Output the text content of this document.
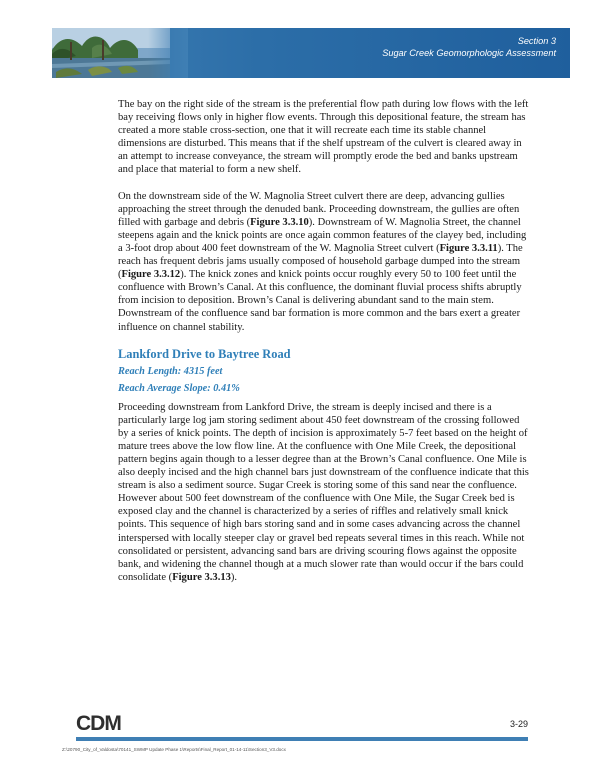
Section 3
Sugar Creek Geomorphologic Assessment

The bay on the right side of the stream is the preferential flow path during low flows with the left bay receiving flows only in higher flow events. Through this depositional feature, the stream has created a more stable cross-section, one that it will recreate each time its stable channel dimensions are disturbed. This means that if the shelf upstream of the culvert is cleared away in an attempt to increase conveyance, the stream will promptly erode the bed and banks upstream and place that material to form a new shelf.

On the downstream side of the W. Magnolia Street culvert there are deep, advancing gullies approaching the street through the denuded bank. Proceeding downstream, the gullies are often filled with garbage and debris (Figure 3.3.10). Downstream of W. Magnolia Street, the channel steepens again and the knick points are once again common features of the clayey bed, including a 3-foot drop about 400 feet downstream of the W. Magnolia Street culvert (Figure 3.3.11). The reach has frequent debris jams usually composed of household garbage dumped into the stream (Figure 3.3.12). The knick zones and knick points occur roughly every 50 to 100 feet until the confluence with Brown’s Canal. At this confluence, the dominant fluvial process shifts abruptly from incision to deposition. Brown’s Canal is delivering abundant sand to the main stem. Downstream of the confluence sand bar formation is more common and the bars exert a greater influence on channel stability.

Lankford Drive to Baytree Road
Reach Length: 4315 feet
Reach Average Slope: 0.41%

Proceeding downstream from Lankford Drive, the stream is deeply incised and there is a particularly large log jam storing sediment about 450 feet downstream of the crossing followed by a series of knick points. The depth of incision is approximately 5-7 feet based on the height of mature trees above the low flow line. At the confluence with One Mile Creek, the depositional pattern begins again though to a lesser degree than at the Brown’s Canal confluence. One Mile is also deeply incised and the high channel bars just downstream of the confluence indicate that this stream is also a sediment source. Sugar Creek is storing some of this sand near the confluence. However about 500 feet downstream of the confluence with One Mile, the Sugar Creek bed is exposed clay and the channel is characterized by a series of riffles and relatively small knick points. This sequence of high bars storing sand and in some cases advancing across the channel interspersed with locally steeper clay or gravel bed repeats several times in this reach. While not consolidated or persistent, advancing sand bars are driving scouring flows against the opposite bank, and widening the channel though at a much slower rate than would occur if the bars could consolidate (Figure 3.3.13).

CDM	3-29
Z:\20790_City_of_Valdosta\70141_SWMP Update Phase 1\Reports\Final_Report_01-14-11\Section3_V3.docx
